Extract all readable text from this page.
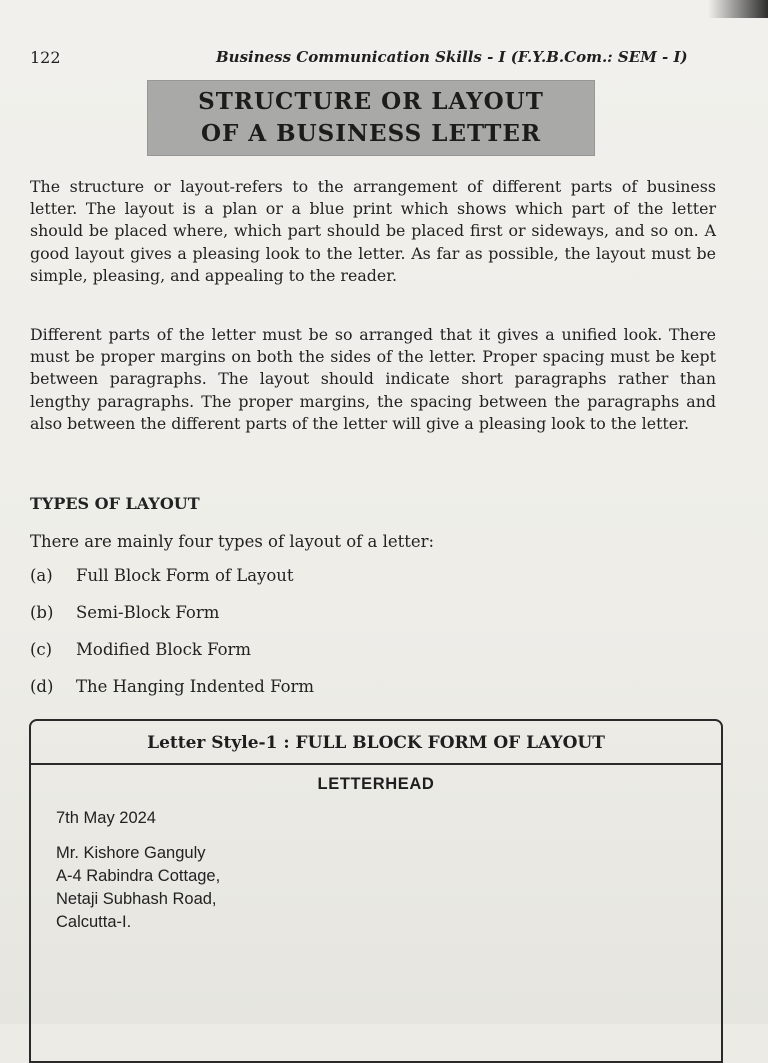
122	Business Communication Skills - I (F.Y.B.Com.: SEM - I)
STRUCTURE OR LAYOUT
OF A BUSINESS LETTER

The structure or layout-refers to the arrangement of different parts of business letter. The layout is a plan or a blue print which shows which part of the letter should be placed where, which part should be placed first or sideways, and so on. A good layout gives a pleasing look to the letter. As far as possible, the layout must be simple, pleasing, and appealing to the reader.

Different parts of the letter must be so arranged that it gives a unified look. There must be proper margins on both the sides of the letter. Proper spacing must be kept between paragraphs. The layout should indicate short paragraphs rather than lengthy paragraphs. The proper margins, the spacing between the paragraphs and also between the different parts of the letter will give a pleasing look to the letter.

TYPES OF LAYOUT
There are mainly four types of layout of a letter:
(a) Full Block Form of Layout
(b) Semi-Block Form
(c) Modified Block Form
(d) The Hanging Indented Form
Letter Style-1 : FULL BLOCK FORM OF LAYOUT
LETTERHEAD
7th May 2024
Mr. Kishore Ganguly
A-4 Rabindra Cottage,
Netaji Subhash Road,
Calcutta-I.
